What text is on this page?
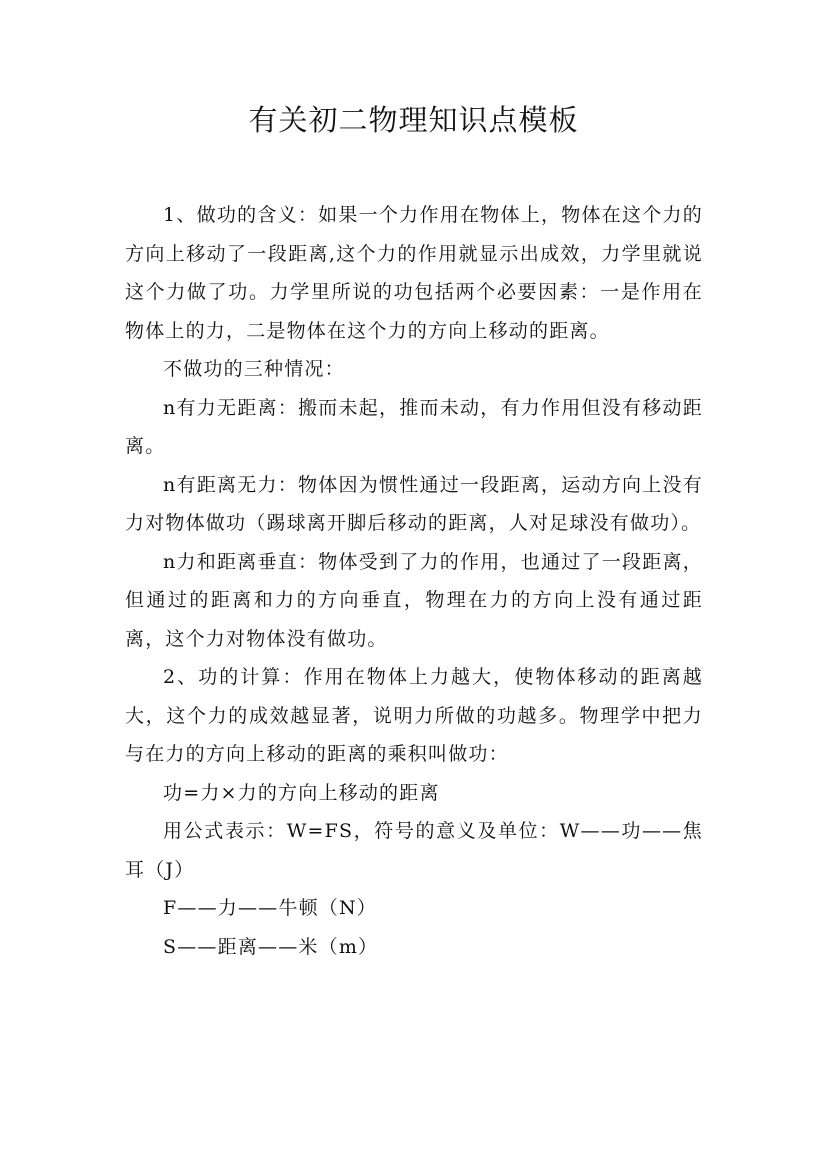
有关初二物理知识点模板

1、做功的含义：如果一个力作用在物体上，物体在这个力的方向上移动了一段距离,这个力的作用就显示出成效，力学里就说这个力做了功。力学里所说的功包括两个必要因素：一是作用在物体上的力，二是物体在这个力的方向上移动的距离。

不做功的三种情况：

n有力无距离：搬而未起，推而未动，有力作用但没有移动距离。

n有距离无力：物体因为惯性通过一段距离，运动方向上没有力对物体做功（踢球离开脚后移动的距离，人对足球没有做功）。

n力和距离垂直：物体受到了力的作用，也通过了一段距离，但通过的距离和力的方向垂直，物理在力的方向上没有通过距离，这个力对物体没有做功。

2、功的计算：作用在物体上力越大，使物体移动的距离越大，这个力的成效越显著，说明力所做的功越多。物理学中把力与在力的方向上移动的距离的乘积叫做功：

功=力×力的方向上移动的距离

用公式表示：W=FS，符号的意义及单位：W——功——焦耳（J）

F——力——牛顿（N）

S——距离——米（m）
